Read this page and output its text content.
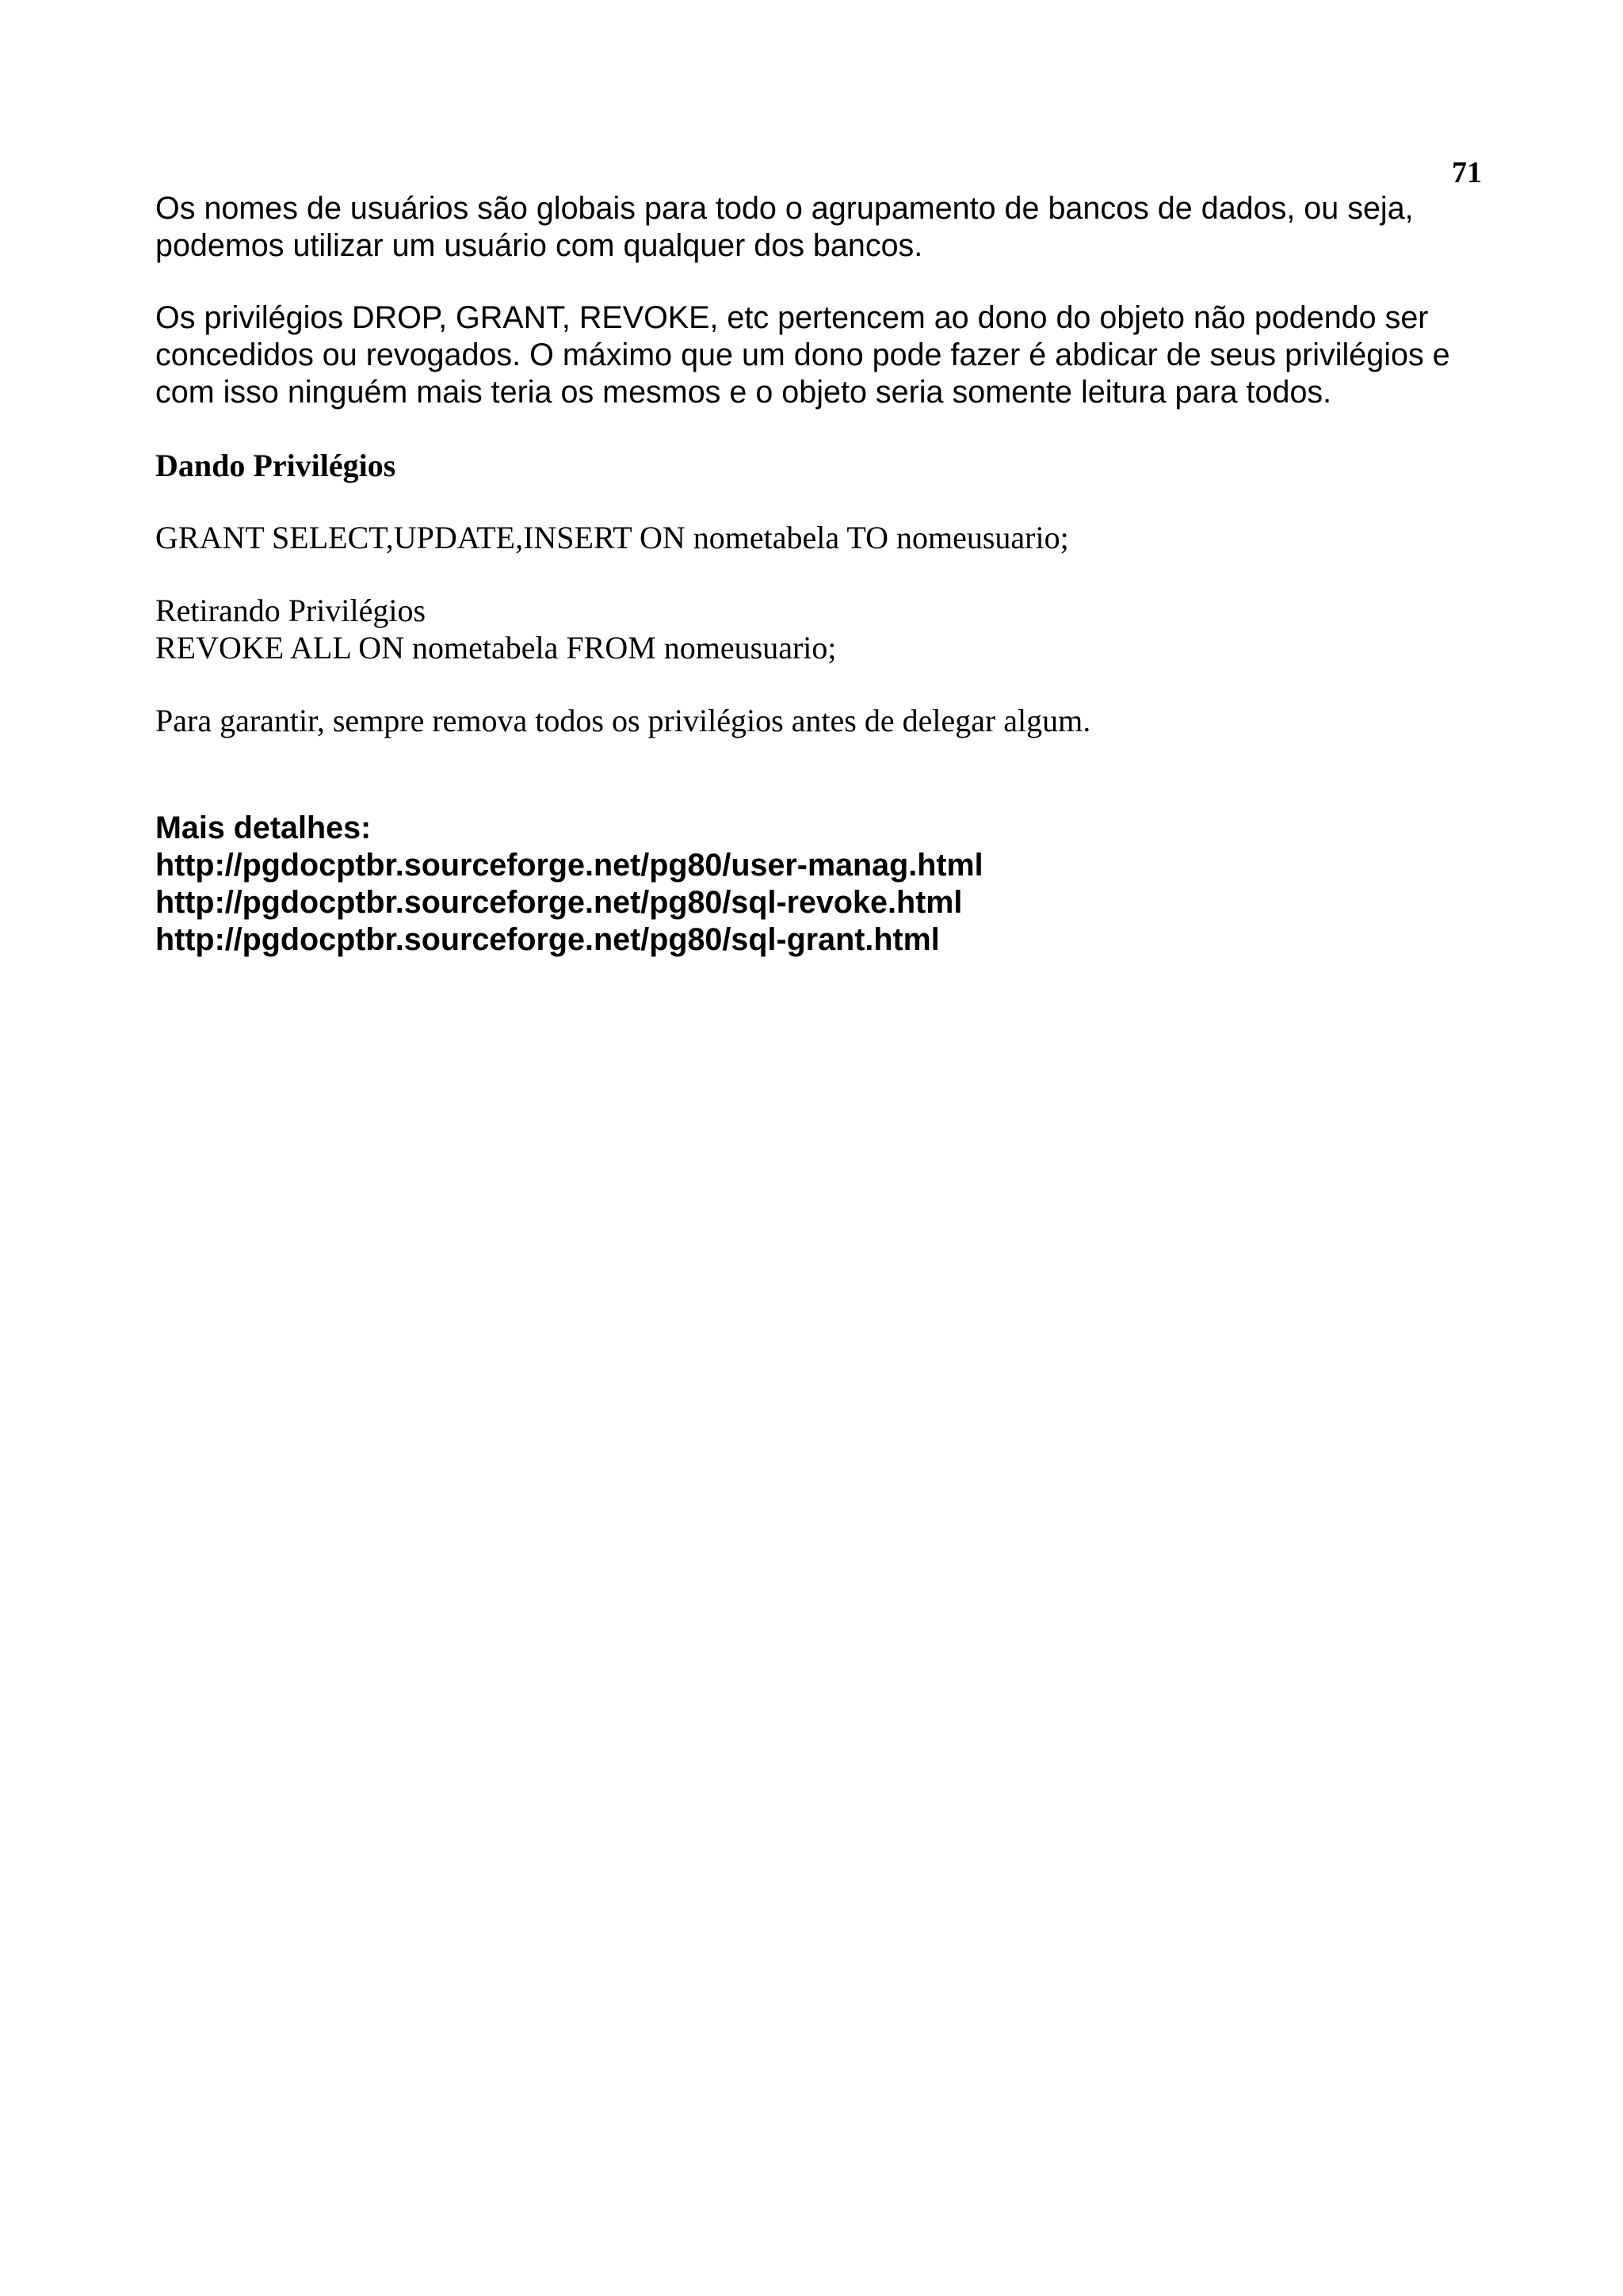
71

Os nomes de usuários são globais para todo o agrupamento de bancos de dados, ou seja,
podemos utilizar um usuário com qualquer dos bancos.

Os privilégios DROP, GRANT, REVOKE, etc pertencem ao dono do objeto não podendo ser
concedidos ou revogados. O máximo que um dono pode fazer é abdicar de seus privilégios e
com isso ninguém mais teria os mesmos e o objeto seria somente leitura para todos.

Dando Privilégios

GRANT SELECT,UPDATE,INSERT ON nometabela TO nomeusuario;

Retirando Privilégios
REVOKE ALL ON nometabela FROM nomeusuario;

Para garantir, sempre remova todos os privilégios antes de delegar algum.

Mais detalhes:
http://pgdocptbr.sourceforge.net/pg80/user-manag.html
http://pgdocptbr.sourceforge.net/pg80/sql-revoke.html
http://pgdocptbr.sourceforge.net/pg80/sql-grant.html
